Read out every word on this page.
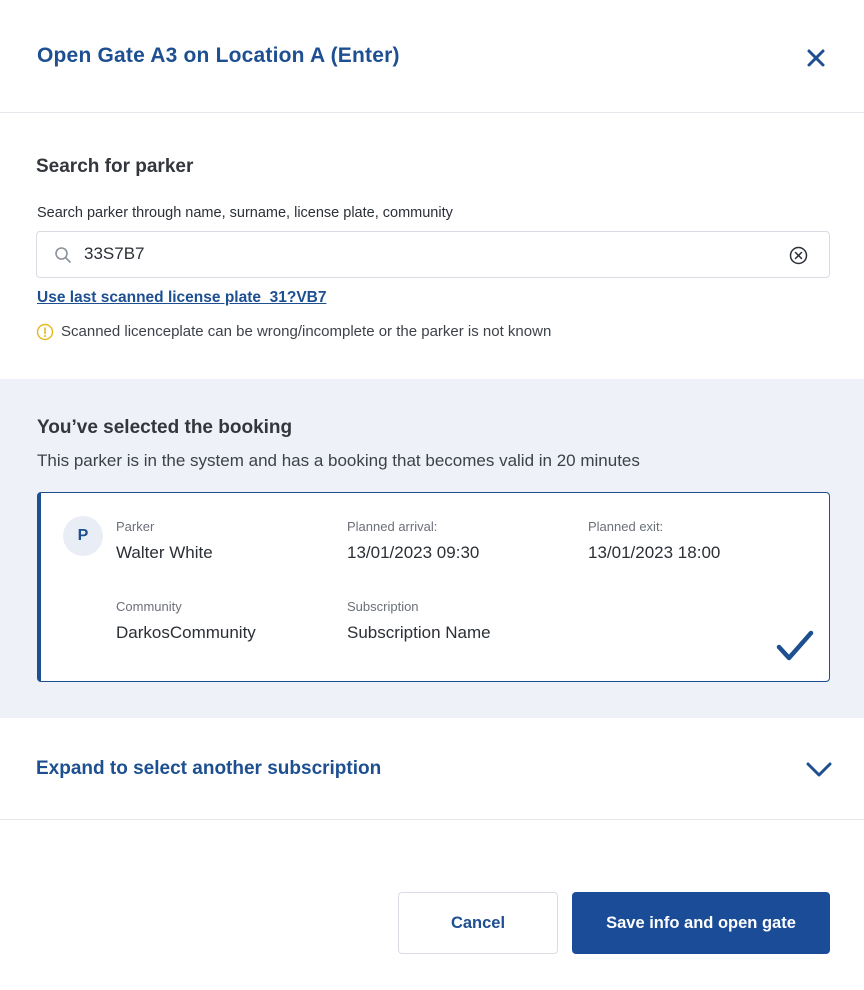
Open Gate A3 on Location A (Enter)
Search for parker
Search parker through name, surname, license plate, community
33S7B7
Use last scanned license plate  31?VB7
Scanned licenceplate can be wrong/incomplete or the parker is not known
You’ve selected the booking
This parker is in the system and has a booking that becomes valid in 20 minutes
P
Parker
Walter White
Planned arrival:
13/01/2023 09:30
Planned exit:
13/01/2023 18:00
Community
DarkosCommunity
Subscription
Subscription Name
Expand to select another subscription
Cancel	Save info and open gate
